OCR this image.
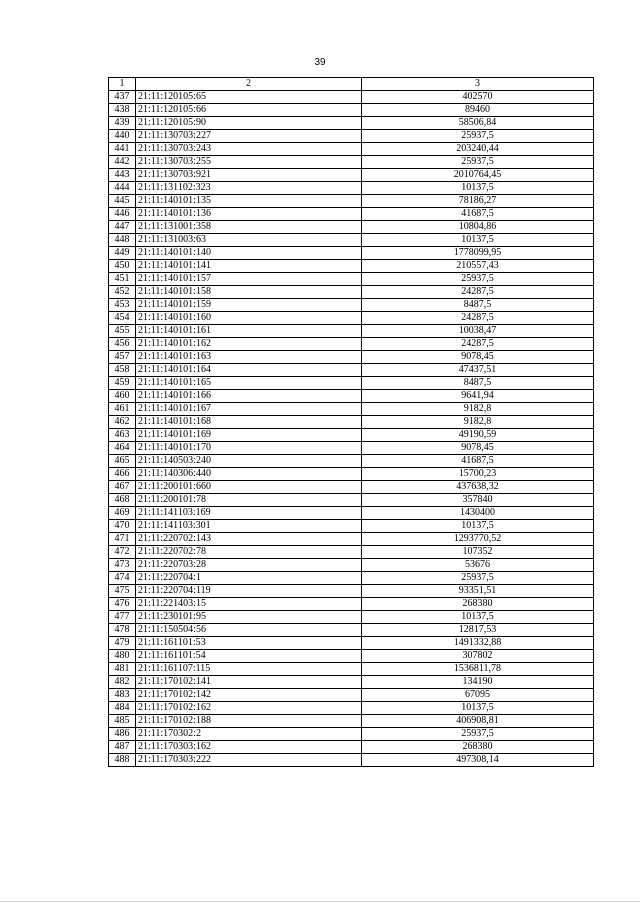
39
1	2	3
437	21:11:120105:65	402570
438	21:11:120105:66	89460
439	21:11:120105:90	58506,84
440	21:11:130703:227	25937,5
441	21:11:130703:243	203240,44
442	21:11:130703:255	25937,5
443	21:11:130703:921	2010764,45
444	21:11:131102:323	10137,5
445	21:11:140101:135	78186,27
446	21:11:140101:136	41687,5
447	21:11:131001:358	10804,86
448	21:11:131003:63	10137,5
449	21:11:140101:140	1778099,95
450	21:11:140101:141	210557,43
451	21:11:140101:157	25937,5
452	21:11:140101:158	24287,5
453	21:11:140101:159	8487,5
454	21:11:140101:160	24287,5
455	21:11:140101:161	10038,47
456	21:11:140101:162	24287,5
457	21:11:140101:163	9078,45
458	21:11:140101:164	47437,51
459	21:11:140101:165	8487,5
460	21:11:140101:166	9641,94
461	21:11:140101:167	9182,8
462	21:11:140101:168	9182,8
463	21:11:140101:169	49190,59
464	21:11:140101:170	9078,45
465	21:11:140503:240	41687,5
466	21:11:140306:440	15700,23
467	21:11:200101:660	437638,32
468	21:11:200101:78	357840
469	21:11:141103:169	1430400
470	21:11:141103:301	10137,5
471	21:11:220702:143	1293770,52
472	21:11:220702:78	107352
473	21:11:220703:28	53676
474	21:11:220704:1	25937,5
475	21:11:220704:119	93351,51
476	21:11:221403:15	268380
477	21:11:230101:95	10137,5
478	21:11:150504:56	12817,53
479	21:11:161101:53	1491332,88
480	21:11:161101:54	307802
481	21:11:161107:115	1536811,78
482	21:11:170102:141	134190
483	21:11:170102:142	67095
484	21:11:170102:162	10137,5
485	21:11:170102:188	406908,81
486	21:11:170302:2	25937,5
487	21:11:170303:162	268380
488	21:11:170303:222	497308,14
